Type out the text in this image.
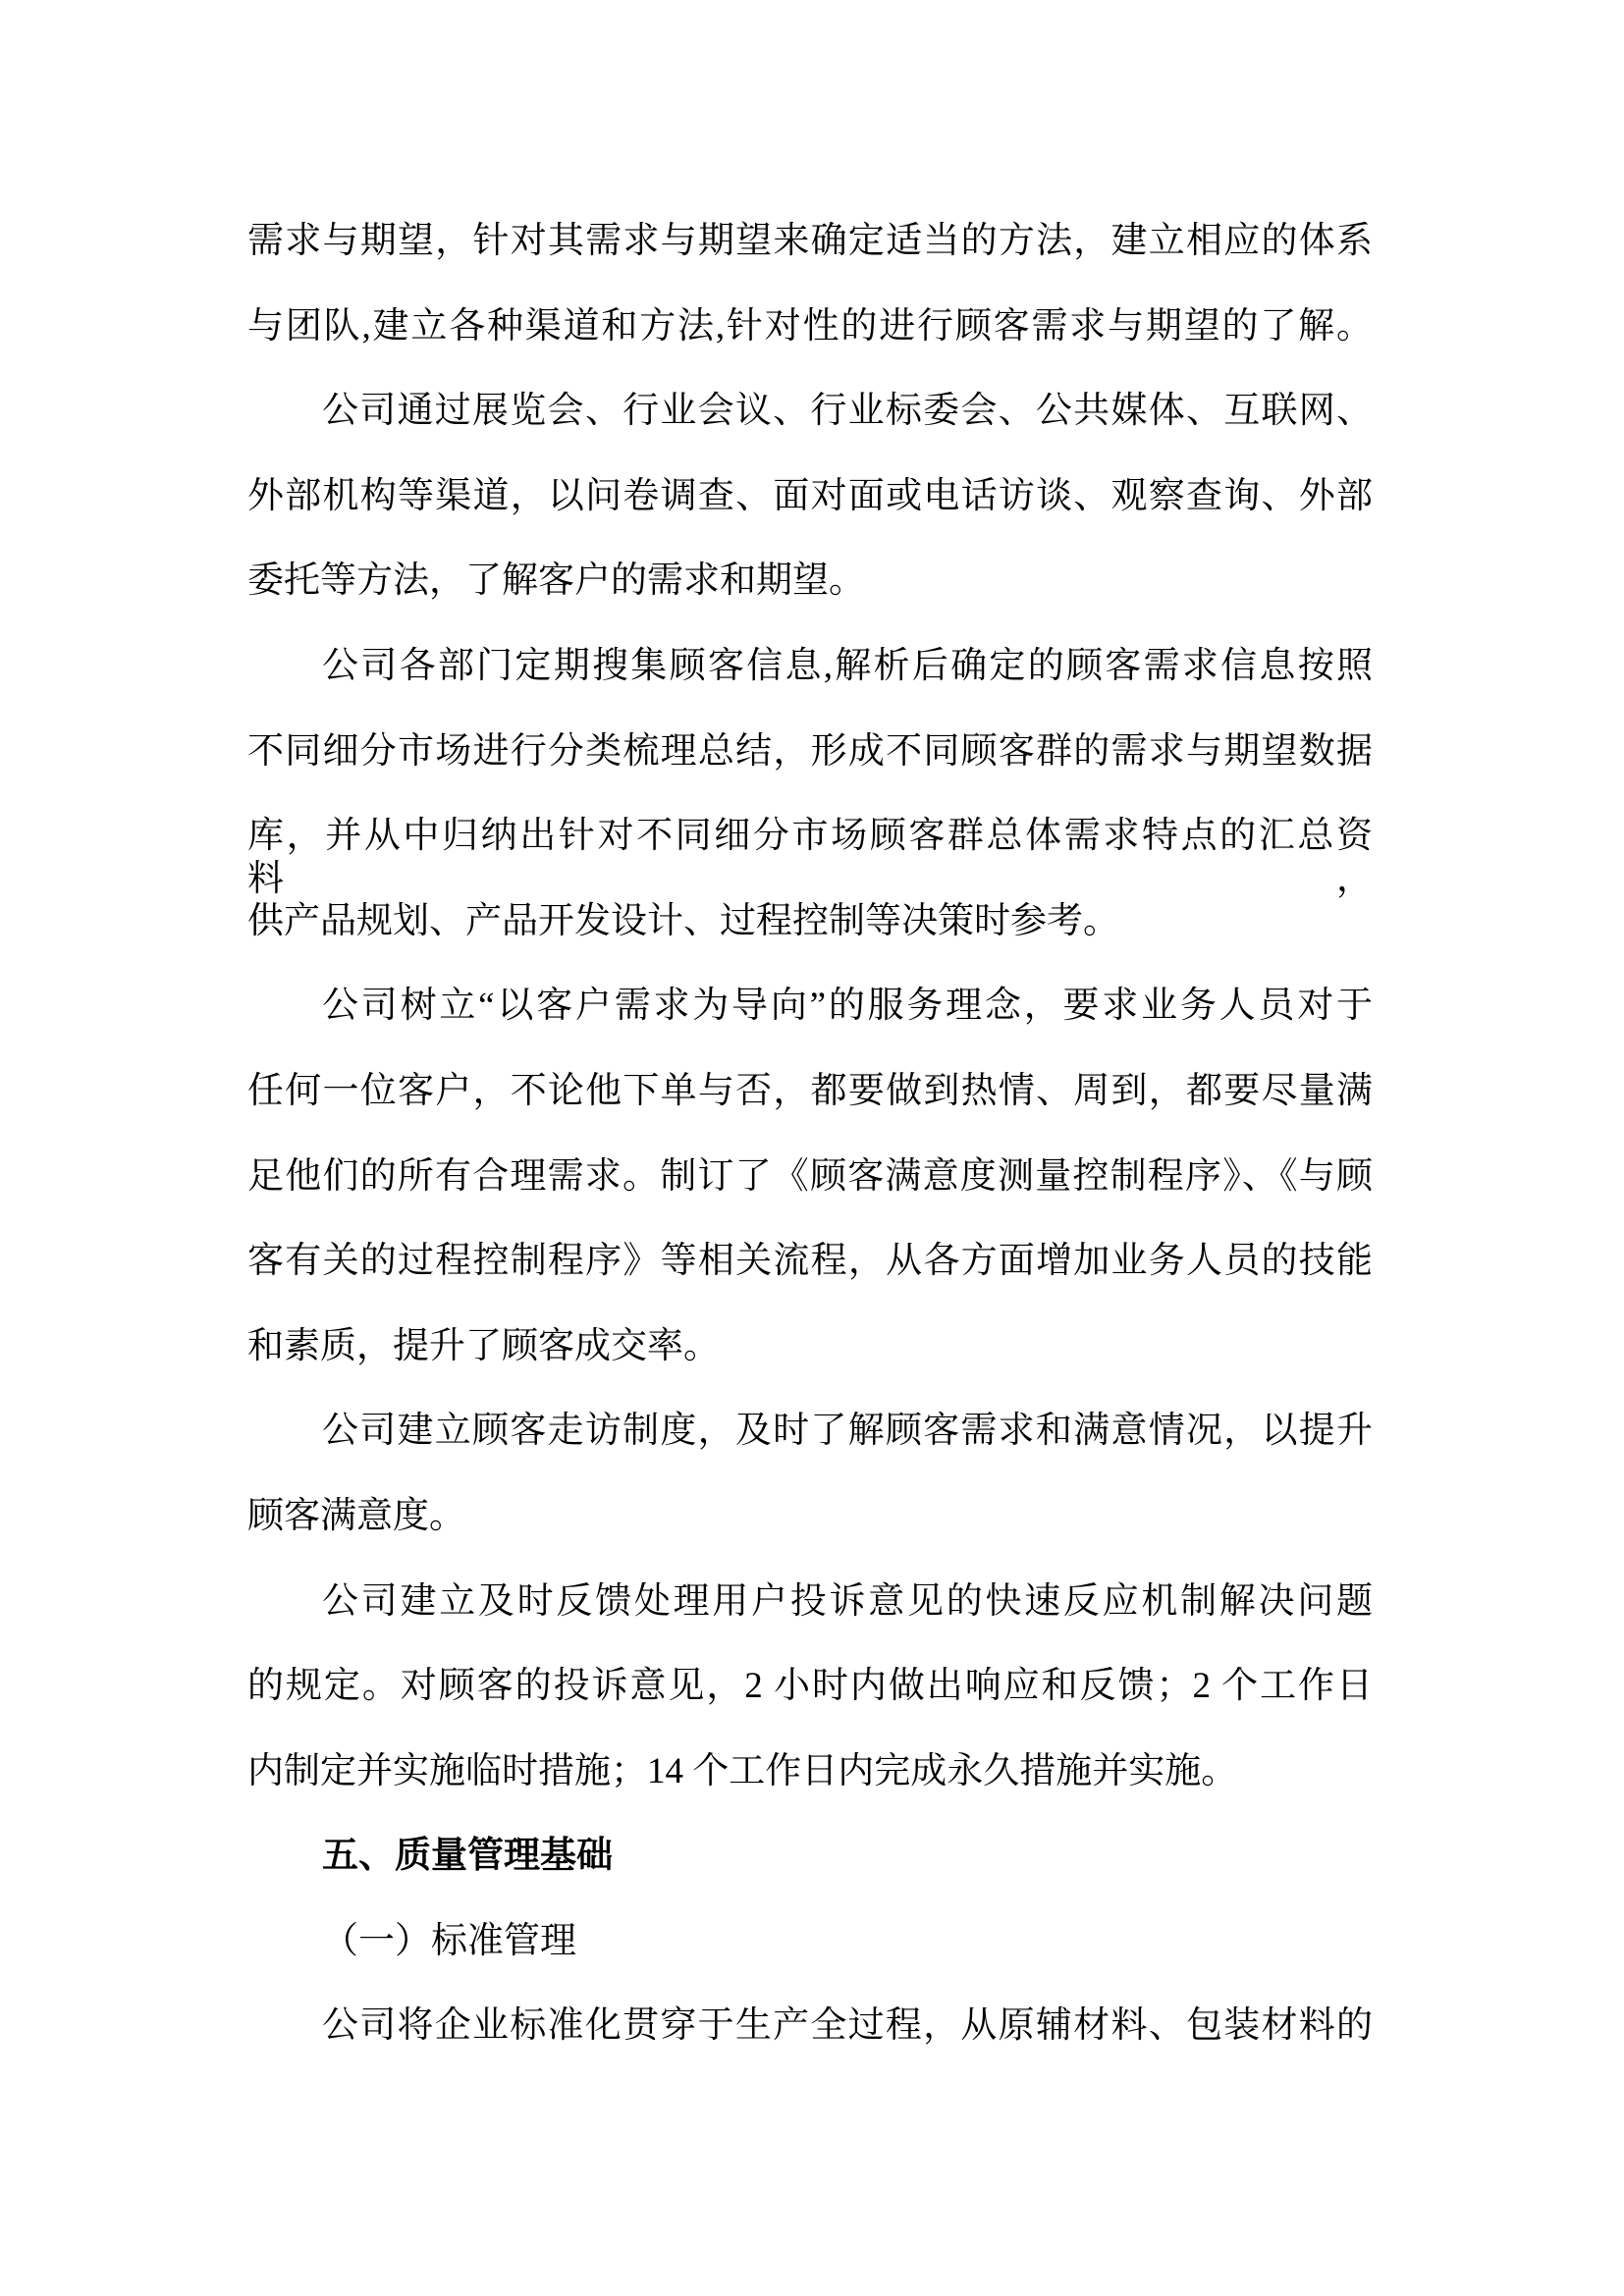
需求与期望，针对其需求与期望来确定适当的方法，建立相应的体系
与团队,建立各种渠道和方法,针对性的进行顾客需求与期望的了解。
公司通过展览会、行业会议、行业标委会、公共媒体、互联网、
外部机构等渠道，以问卷调查、面对面或电话访谈、观察查询、外部
委托等方法，了解客户的需求和期望。
公司各部门定期搜集顾客信息,解析后确定的顾客需求信息按照
不同细分市场进行分类梳理总结，形成不同顾客群的需求与期望数据
库，并从中归纳出针对不同细分市场顾客群总体需求特点的汇总资料，
供产品规划、产品开发设计、过程控制等决策时参考。
公司树立“以客户需求为导向”的服务理念，要求业务人员对于
任何一位客户，不论他下单与否，都要做到热情、周到，都要尽量满
足他们的所有合理需求。制订了《顾客满意度测量控制程序》、《与顾
客有关的过程控制程序》等相关流程，从各方面增加业务人员的技能
和素质，提升了顾客成交率。
公司建立顾客走访制度，及时了解顾客需求和满意情况，以提升
顾客满意度。
公司建立及时反馈处理用户投诉意见的快速反应机制解决问题
的规定。对顾客的投诉意见，2 小时内做出响应和反馈；2 个工作日
内制定并实施临时措施；14 个工作日内完成永久措施并实施。
五、质量管理基础
（一）标准管理
公司将企业标准化贯穿于生产全过程，从原辅材料、包装材料的
